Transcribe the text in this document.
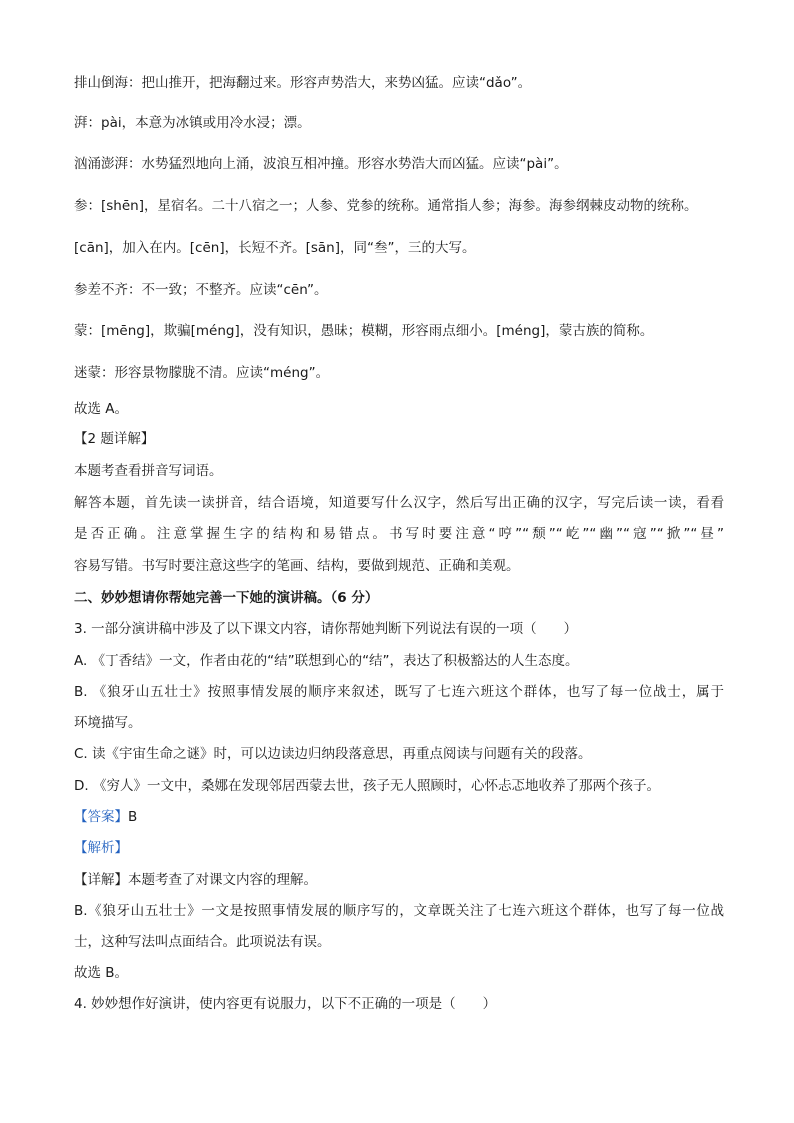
排山倒海：把山推开，把海翻过来。形容声势浩大，来势凶猛。应读“dǎo”。
湃：pài，本意为冰镇或用冷水浸；漂。
汹涌澎湃：水势猛烈地向上涌，波浪互相冲撞。形容水势浩大而凶猛。应读“pài”。
参：[shēn]，星宿名。二十八宿之一；人参、党参的统称。通常指人参；海参。海参纲棘皮动物的统称。
[cān]，加入在内。[cēn]，长短不齐。[sān]，同“叁”，三的大写。
参差不齐：不一致；不整齐。应读“cēn”。
蒙：[mēng]，欺骗[méng]，没有知识，愚昧；模糊，形容雨点细小。[méng]，蒙古族的简称。
迷蒙：形容景物朦胧不清。应读“méng”。
故选 A。
【2 题详解】
本题考查看拼音写词语。
解答本题，首先读一读拼音，结合语境，知道要写什么汉字，然后写出正确的汉字，写完后读一读，看看
是否正确。注意掌握生字的结构和易错点。书写时要注意“哼”“颓”“屹”“幽”“寇”“掀”“昼”
容易写错。书写时要注意这些字的笔画、结构，要做到规范、正确和美观。
二、妙妙想请你帮她完善一下她的演讲稿。（6 分）
3. 一部分演讲稿中涉及了以下课文内容，请你帮她判断下列说法有误的一项（　　）
A. 《丁香结》一文，作者由花的“结”联想到心的“结”，表达了积极豁达的人生态度。
B. 《狼牙山五壮士》按照事情发展的顺序来叙述，既写了七连六班这个群体，也写了每一位战士，属于
环境描写。
C. 读《宇宙生命之谜》时，可以边读边归纳段落意思，再重点阅读与问题有关的段落。
D. 《穷人》一文中，桑娜在发现邻居西蒙去世，孩子无人照顾时，心怀忐忑地收养了那两个孩子。
【答案】B
【解析】
【详解】本题考查了对课文内容的理解。
B.《狼牙山五壮士》一文是按照事情发展的顺序写的，文章既关注了七连六班这个群体，也写了每一位战
士，这种写法叫点面结合。此项说法有误。
故选 B。
4. 妙妙想作好演讲，使内容更有说服力，以下不正确的一项是（　　）
